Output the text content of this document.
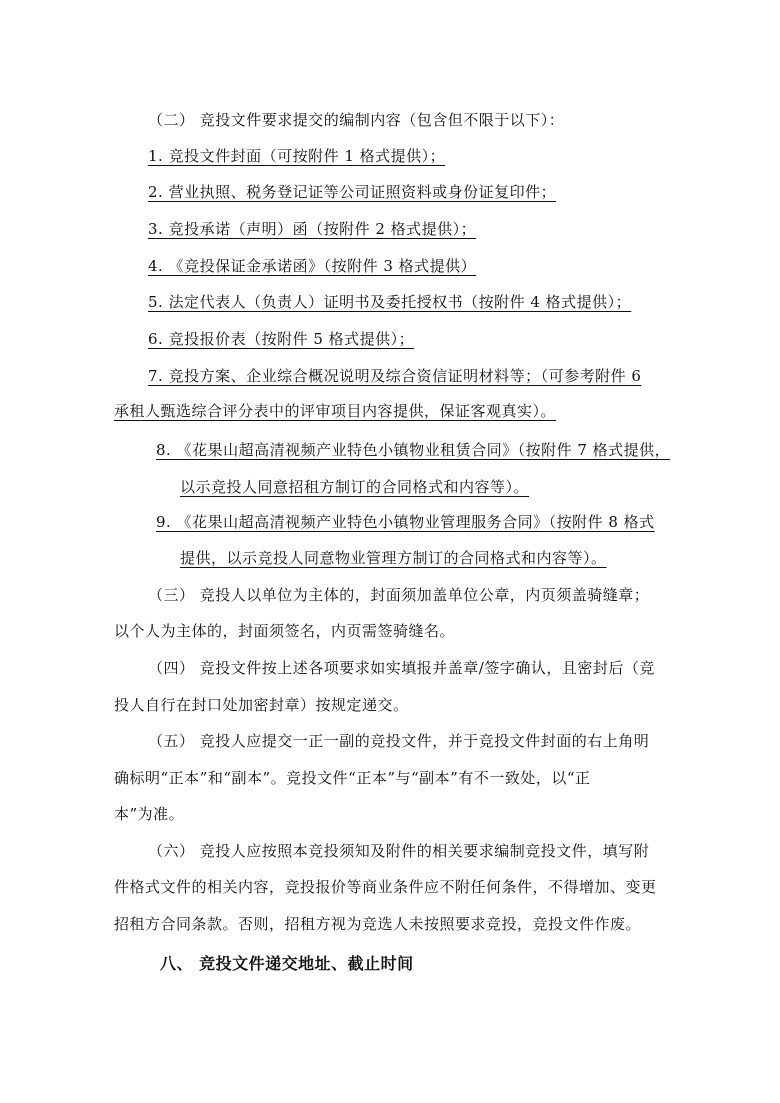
（二） 竞投文件要求提交的编制内容（包含但不限于以下）：
1. 竞投文件封面（可按附件 1 格式提供）；
2. 营业执照、税务登记证等公司证照资料或身份证复印件；
3. 竞投承诺（声明）函（按附件 2 格式提供）；
4. 《竞投保证金承诺函》（按附件 3 格式提供）
5. 法定代表人（负责人）证明书及委托授权书（按附件 4 格式提供）；
6. 竞投报价表（按附件 5 格式提供）；
7. 竞投方案、企业综合概况说明及综合资信证明材料等；（可参考附件 6
承租人甄选综合评分表中的评审项目内容提供，保证客观真实）。
8. 《花果山超高清视频产业特色小镇物业租赁合同》（按附件 7 格式提供，
以示竞投人同意招租方制订的合同格式和内容等）。
9. 《花果山超高清视频产业特色小镇物业管理服务合同》（按附件 8 格式
提供，以示竞投人同意物业管理方制订的合同格式和内容等）。
（三） 竞投人以单位为主体的，封面须加盖单位公章，内页须盖骑缝章；
以个人为主体的，封面须签名，内页需签骑缝名。
（四） 竞投文件按上述各项要求如实填报并盖章/签字确认，且密封后（竞
投人自行在封口处加密封章）按规定递交。
（五） 竞投人应提交一正一副的竞投文件，并于竞投文件封面的右上角明
确标明“正本”和“副本”。竞投文件“正本”与“副本”有不一致处，以“正
本”为准。
（六） 竞投人应按照本竞投须知及附件的相关要求编制竞投文件，填写附
件格式文件的相关内容，竞投报价等商业条件应不附任何条件，不得增加、变更
招租方合同条款。否则，招租方视为竞选人未按照要求竞投，竞投文件作废。
八、 竞投文件递交地址、截止时间
